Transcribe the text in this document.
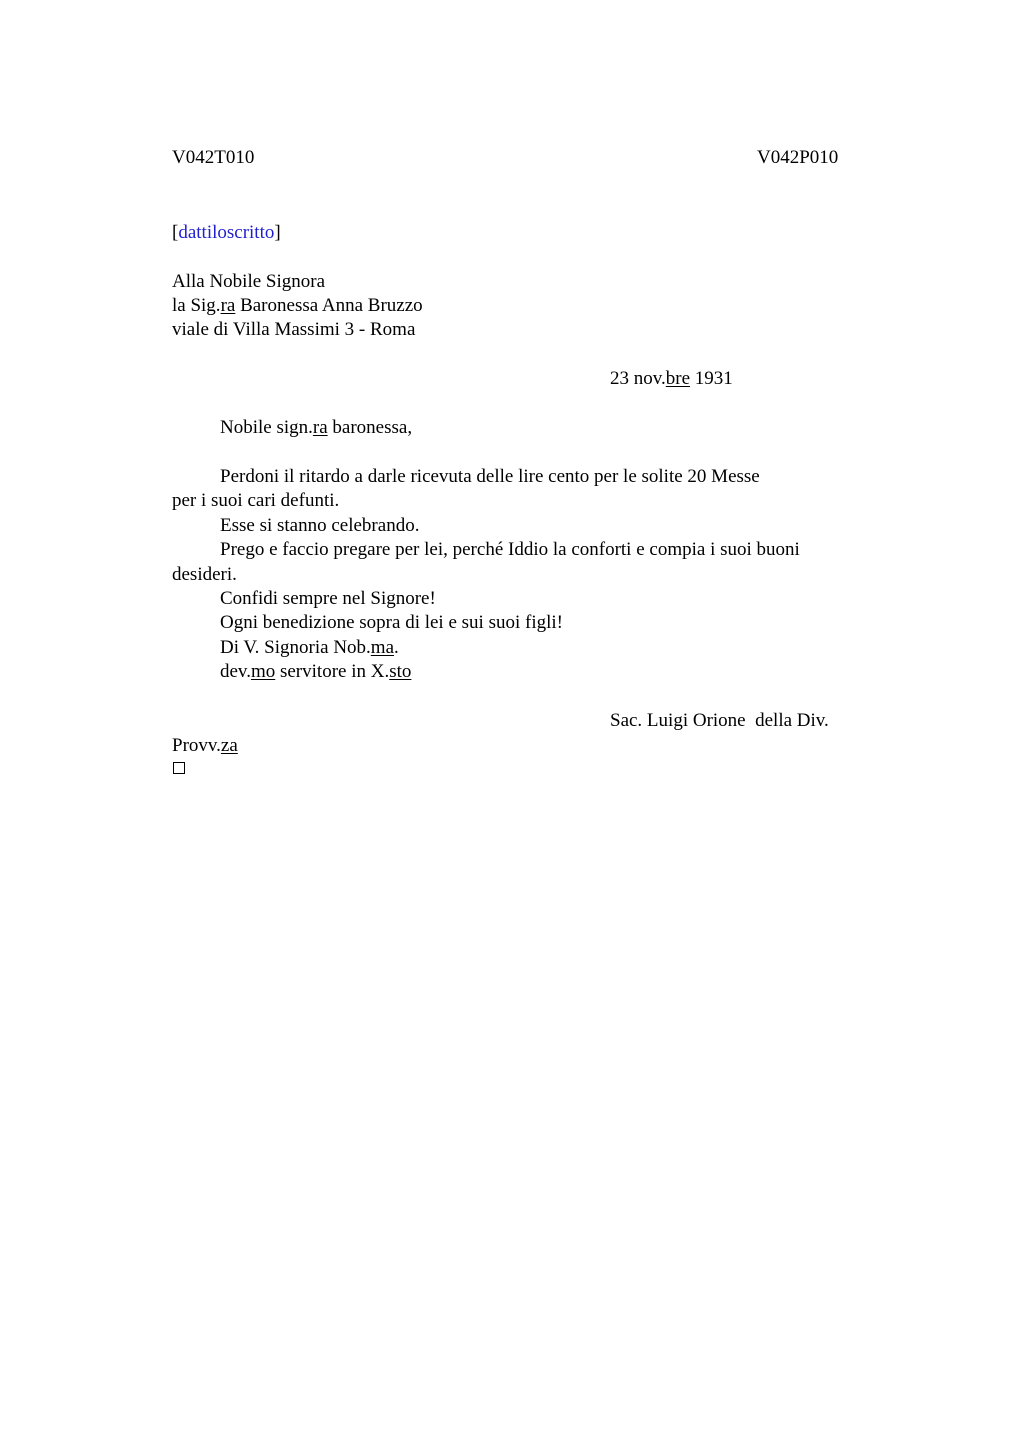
V042T010	V042P010
[dattiloscritto]
Alla Nobile Signora
la Sig.ra Baronessa Anna Bruzzo
viale di Villa Massimi 3 - Roma
23 nov.bre 1931
Nobile sign.ra baronessa,
Perdoni il ritardo a darle ricevuta delle lire cento per le solite 20 Messe
per i suoi cari defunti.
Esse si stanno celebrando.
Prego e faccio pregare per lei, perché Iddio la conforti e compia i suoi buoni
desideri.
Confidi sempre nel Signore!
Ogni benedizione sopra di lei e sui suoi figli!
Di V. Signoria Nob.ma.
dev.mo servitore in X.sto
Sac. Luigi Orione  della Div.
Provv.za
